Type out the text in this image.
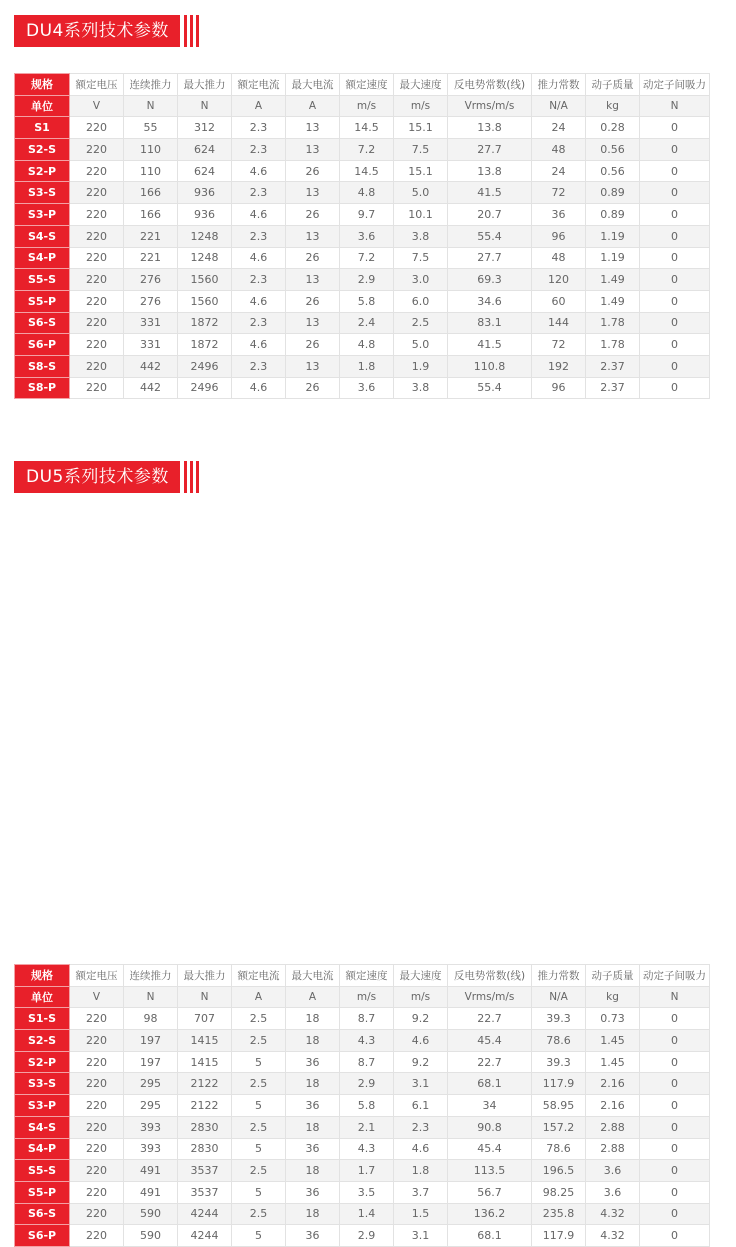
DU4系列技术参数
规格	额定电压	连续推力	最大推力	额定电流	最大电流	额定速度	最大速度	反电势常数(线)	推力常数	动子质量	动定子间吸力
单位	V	N	N	A	A	m/s	m/s	Vrms/m/s	N/A	kg	N
S1	220	55	312	2.3	13	14.5	15.1	13.8	24	0.28	0
S2-S	220	110	624	2.3	13	7.2	7.5	27.7	48	0.56	0
S2-P	220	110	624	4.6	26	14.5	15.1	13.8	24	0.56	0
S3-S	220	166	936	2.3	13	4.8	5.0	41.5	72	0.89	0
S3-P	220	166	936	4.6	26	9.7	10.1	20.7	36	0.89	0
S4-S	220	221	1248	2.3	13	3.6	3.8	55.4	96	1.19	0
S4-P	220	221	1248	4.6	26	7.2	7.5	27.7	48	1.19	0
S5-S	220	276	1560	2.3	13	2.9	3.0	69.3	120	1.49	0
S5-P	220	276	1560	4.6	26	5.8	6.0	34.6	60	1.49	0
S6-S	220	331	1872	2.3	13	2.4	2.5	83.1	144	1.78	0
S6-P	220	331	1872	4.6	26	4.8	5.0	41.5	72	1.78	0
S8-S	220	442	2496	2.3	13	1.8	1.9	110.8	192	2.37	0
S8-P	220	442	2496	4.6	26	3.6	3.8	55.4	96	2.37	0
DU5系列技术参数
规格	额定电压	连续推力	最大推力	额定电流	最大电流	额定速度	最大速度	反电势常数(线)	推力常数	动子质量	动定子间吸力
单位	V	N	N	A	A	m/s	m/s	Vrms/m/s	N/A	kg	N
S1-S	220	98	707	2.5	18	8.7	9.2	22.7	39.3	0.73	0
S2-S	220	197	1415	2.5	18	4.3	4.6	45.4	78.6	1.45	0
S2-P	220	197	1415	5	36	8.7	9.2	22.7	39.3	1.45	0
S3-S	220	295	2122	2.5	18	2.9	3.1	68.1	117.9	2.16	0
S3-P	220	295	2122	5	36	5.8	6.1	34	58.95	2.16	0
S4-S	220	393	2830	2.5	18	2.1	2.3	90.8	157.2	2.88	0
S4-P	220	393	2830	5	36	4.3	4.6	45.4	78.6	2.88	0
S5-S	220	491	3537	2.5	18	1.7	1.8	113.5	196.5	3.6	0
S5-P	220	491	3537	5	36	3.5	3.7	56.7	98.25	3.6	0
S6-S	220	590	4244	2.5	18	1.4	1.5	136.2	235.8	4.32	0
S6-P	220	590	4244	5	36	2.9	3.1	68.1	117.9	4.32	0
